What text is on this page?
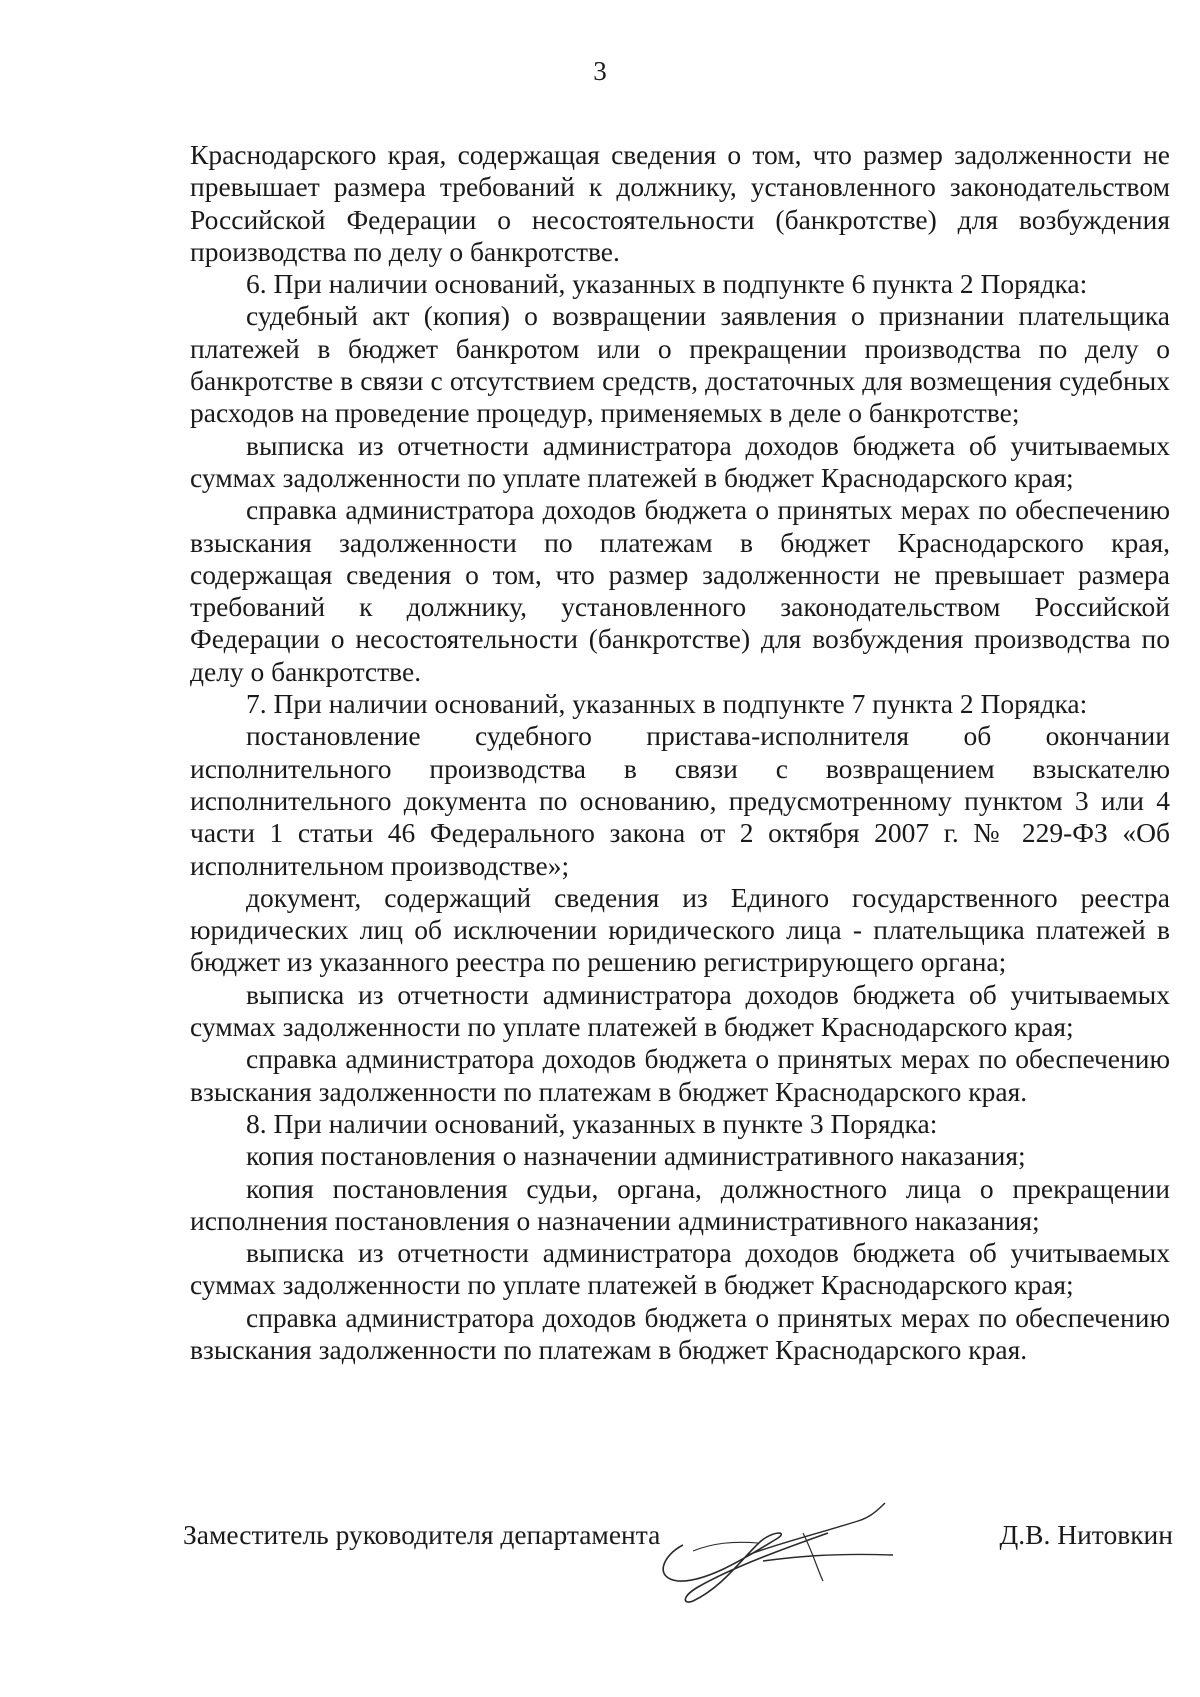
3

Краснодарского края, содержащая сведения о том, что размер задолженности не превышает размера требований к должнику, установленного законодательством Российской Федерации о несостоятельности (банкротстве) для возбуждения производства по делу о банкротстве.

6. При наличии оснований, указанных в подпункте 6 пункта 2 Порядка:

судебный акт (копия) о возвращении заявления о признании плательщика платежей в бюджет банкротом или о прекращении производства по делу о банкротстве в связи с отсутствием средств, достаточных для возмещения судебных расходов на проведение процедур, применяемых в деле о банкротстве;

выписка из отчетности администратора доходов бюджета об учитываемых суммах задолженности по уплате платежей в бюджет Краснодарского края;

справка администратора доходов бюджета о принятых мерах по обеспечению взыскания задолженности по платежам в бюджет Краснодарского края, содержащая сведения о том, что размер задолженности не превышает размера требований к должнику, установленного законодательством Российской Федерации о несостоятельности (банкротстве) для возбуждения производства по делу о банкротстве.

7. При наличии оснований, указанных в подпункте 7 пункта 2 Порядка:

постановление судебного пристава-исполнителя об окончании исполнительного производства в связи с возвращением взыскателю исполнительного документа по основанию, предусмотренному пунктом 3 или 4 части 1 статьи 46 Федерального закона от 2 октября 2007 г. № 229-ФЗ «Об исполнительном производстве»;

документ, содержащий сведения из Единого государственного реестра юридических лиц об исключении юридического лица - плательщика платежей в бюджет из указанного реестра по решению регистрирующего органа;

выписка из отчетности администратора доходов бюджета об учитываемых суммах задолженности по уплате платежей в бюджет Краснодарского края;

справка администратора доходов бюджета о принятых мерах по обеспечению взыскания задолженности по платежам в бюджет Краснодарского края.

8. При наличии оснований, указанных в пункте 3 Порядка:

копия постановления о назначении административного наказания;

копия постановления судьи, органа, должностного лица о прекращении исполнения постановления о назначении административного наказания;

выписка из отчетности администратора доходов бюджета об учитываемых суммах задолженности по уплате платежей в бюджет Краснодарского края;

справка администратора доходов бюджета о принятых мерах по обеспечению взыскания задолженности по платежам в бюджет Краснодарского края.

Заместитель руководителя департамента	Д.В. Нитовкин
